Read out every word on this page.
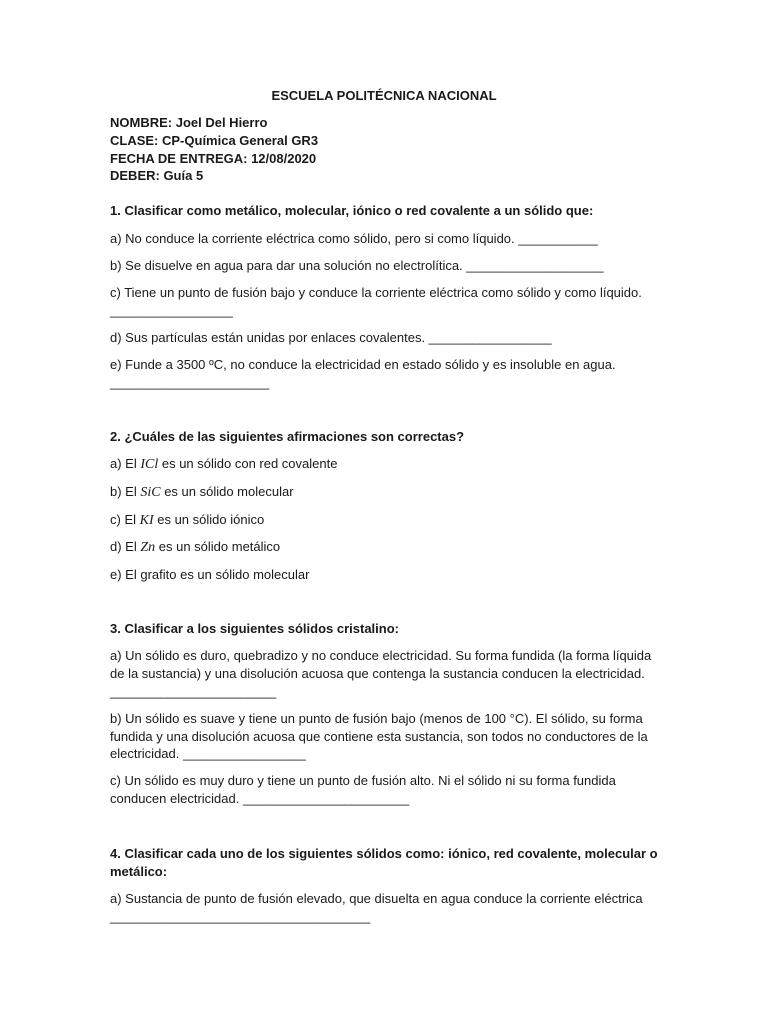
ESCUELA POLITÉCNICA NACIONAL
NOMBRE: Joel Del Hierro
CLASE: CP-Química General GR3
FECHA DE ENTREGA: 12/08/2020
DEBER: Guía 5
1. Clasificar como metálico, molecular, iónico o red covalente a un sólido que:
a) No conduce la corriente eléctrica como sólido, pero si como líquido. ___________
b) Se disuelve en agua para dar una solución no electrolítica. ___________________
c) Tiene un punto de fusión bajo y conduce la corriente eléctrica como sólido y como líquido.
_________________
d) Sus partículas están unidas por enlaces covalentes. _________________
e) Funde a 3500 ºC, no conduce la electricidad en estado sólido y es insoluble en agua.
______________________
2. ¿Cuáles de las siguientes afirmaciones son correctas?
a) El ICl es un sólido con red covalente
b) El SiC es un sólido molecular
c) El KI es un sólido iónico
d) El Zn es un sólido metálico
e) El grafito es un sólido molecular
3. Clasificar a los siguientes sólidos cristalino:
a) Un sólido es duro, quebradizo y no conduce electricidad. Su forma fundida (la forma líquida
de la sustancia) y una disolución acuosa que contenga la sustancia conducen la electricidad.
_______________________
b) Un sólido es suave y tiene un punto de fusión bajo (menos de 100 °C). El sólido, su forma
fundida y una disolución acuosa que contiene esta sustancia, son todos no conductores de la
electricidad. _________________
c) Un sólido es muy duro y tiene un punto de fusión alto. Ni el sólido ni su forma fundida
conducen electricidad. _______________________
4. Clasificar cada uno de los siguientes sólidos como: iónico, red covalente, molecular o
metálico:
a) Sustancia de punto de fusión elevado, que disuelta en agua conduce la corriente eléctrica
____________________________________
